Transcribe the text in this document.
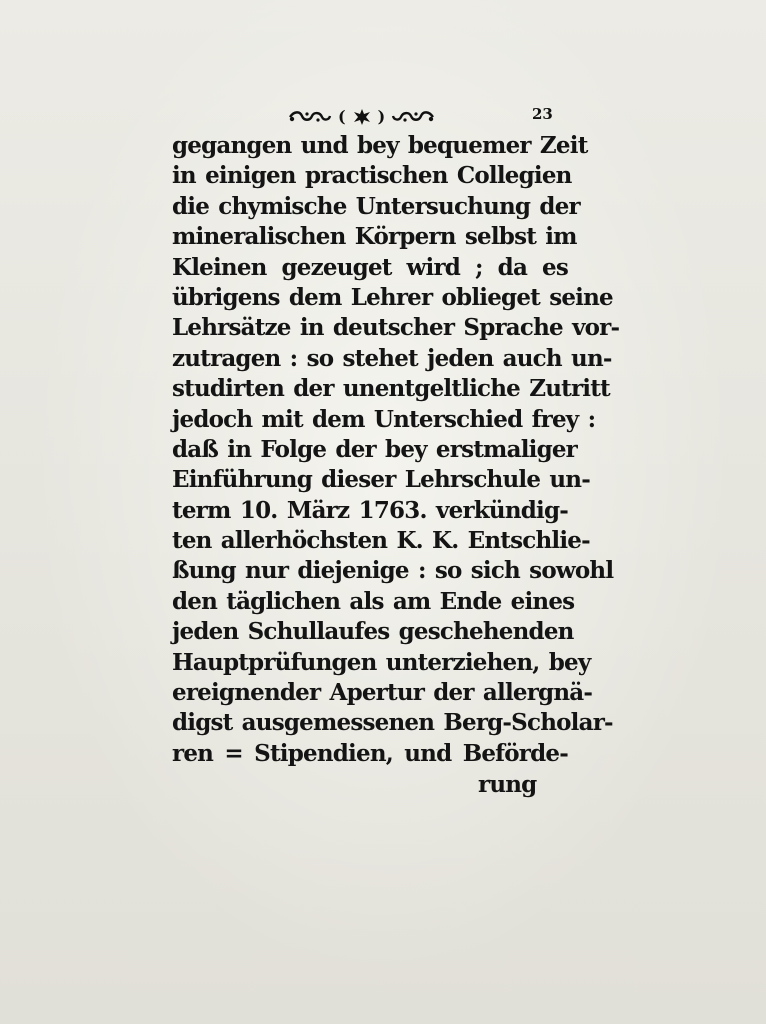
( )	23
gegangen und bey bequemer Zeit
in einigen practischen Collegien
die chymische Untersuchung der
mineralischen Körpern selbst im
Kleinen gezeuget wird ; da es
übrigens dem Lehrer oblieget seine
Lehrsätze in deutscher Sprache vor-
zutragen : so stehet jeden auch un-
studirten der unentgeltliche Zutritt
jedoch mit dem Unterschied frey :
daß in Folge der bey erstmaliger
Einführung dieser Lehrschule un-
term 10. März 1763. verkündig-
ten allerhöchsten K. K. Entschlie-
ßung nur diejenige : so sich sowohl
den täglichen als am Ende eines
jeden Schullaufes geschehenden
Hauptprüfungen unterziehen, bey
ereignender Apertur der allergnä-
digst ausgemessenen Berg-Scholar-
ren = Stipendien, und Beförde-
rung
